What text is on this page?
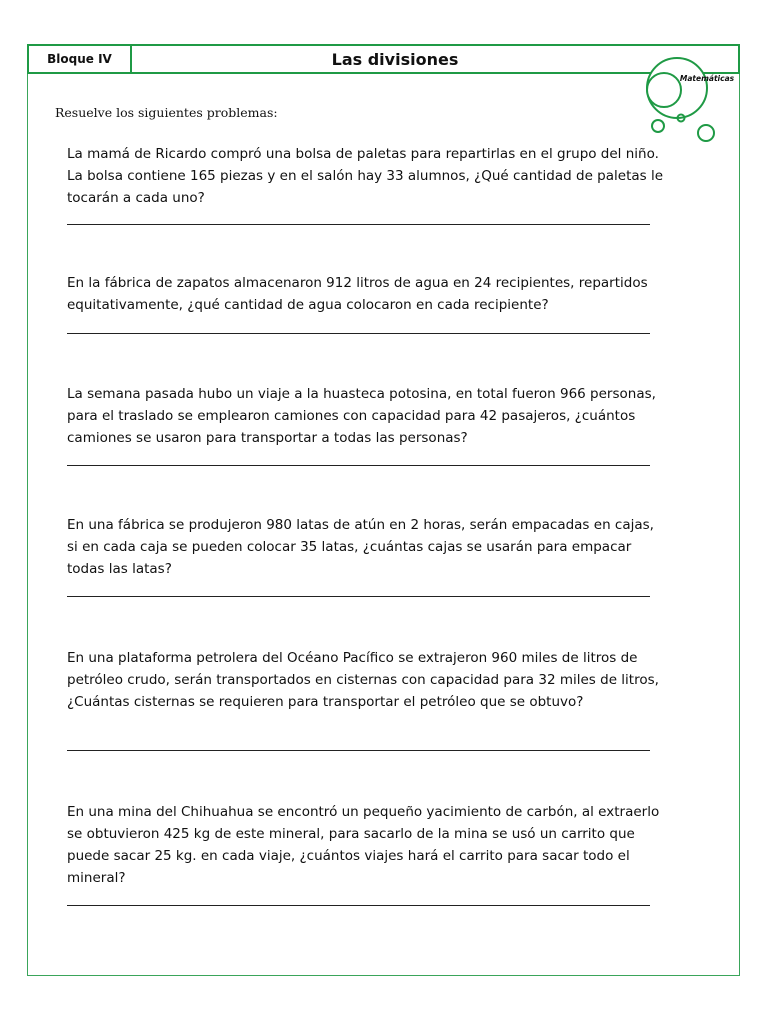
Bloque IV	Las divisiones
Matemáticas
Resuelve los siguientes problemas:
La mamá de Ricardo compró una bolsa de paletas para repartirlas en el grupo del niño. La bolsa contiene 165 piezas y en el salón hay 33 alumnos, ¿Qué cantidad de paletas le tocarán a cada uno?
En la fábrica de zapatos almacenaron 912 litros de agua en 24 recipientes, repartidos equitativamente, ¿qué cantidad de agua colocaron en cada recipiente?
La semana pasada hubo un viaje a la huasteca potosina, en total fueron 966 personas, para el traslado se emplearon camiones con capacidad para 42 pasajeros, ¿cuántos camiones se usaron para transportar a todas las personas?
En una fábrica se produjeron 980 latas de atún en 2 horas, serán empacadas en cajas, si en cada caja se pueden colocar 35 latas, ¿cuántas cajas se usarán para empacar todas las latas?
En una plataforma petrolera del Océano Pacífico se extrajeron 960 miles de litros de petróleo crudo, serán transportados en cisternas con capacidad para 32 miles de litros, ¿Cuántas cisternas se requieren para transportar el petróleo que se obtuvo?
En una mina del Chihuahua se encontró un pequeño yacimiento de carbón, al extraerlo se obtuvieron 425 kg de este mineral, para sacarlo de la mina se usó un carrito que puede sacar 25 kg. en cada viaje, ¿cuántos viajes hará el carrito para sacar todo el mineral?
